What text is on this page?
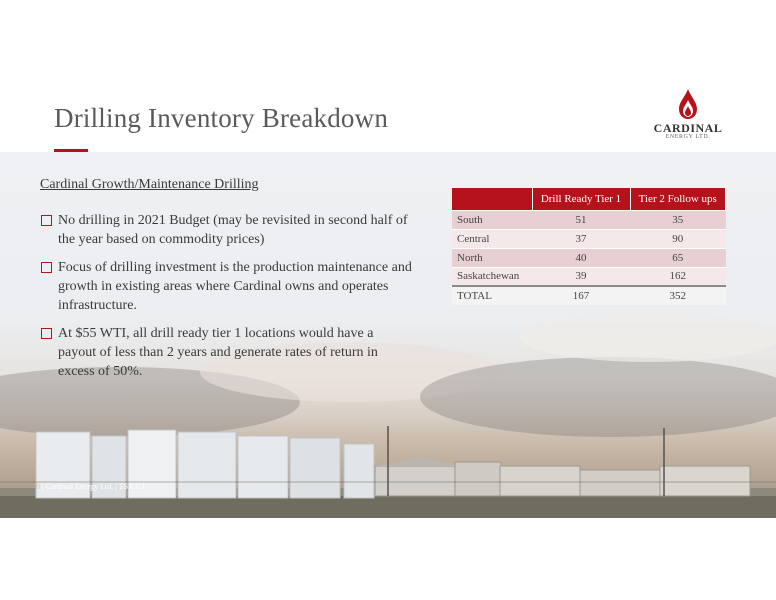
Drilling Inventory Breakdown	CARDINAL
ENERGY LTD.
Cardinal Growth/Maintenance Drilling
No drilling in 2021 Budget (may be revisited in second half of the year based on commodity prices)
Focus of drilling investment is the production maintenance and growth in existing areas where Cardinal owns and operates infrastructure.
At $55 WTI, all drill ready tier 1 locations would have a payout of less than 2 years and generate rates of return in excess of 50%.
	Drill Ready Tier 1	Tier 2 Follow ups
South	51	35
Central	37	90
North	40	65
Saskatchewan	39	162
TOTAL	167	352
8 | Cardinal Energy Ltd. | TSX:CJ
